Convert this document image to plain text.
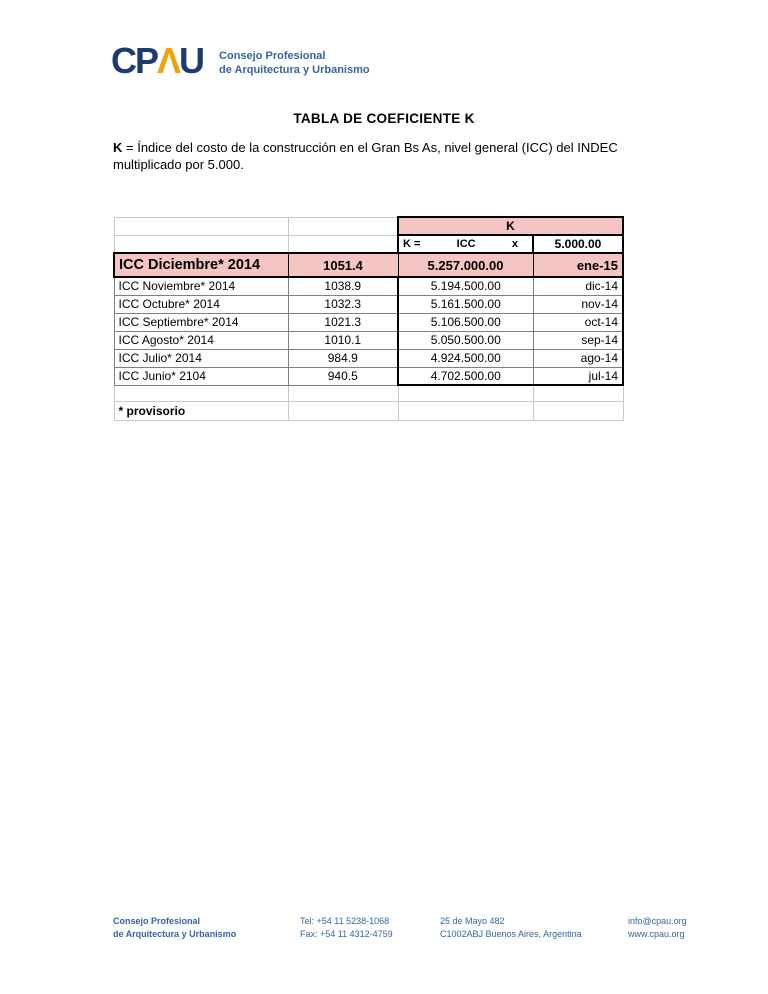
CPΛU Consejo Profesional
de Arquitectura y Urbanismo
TABLA DE COEFICIENTE K

K = Índice del costo de la construcción en el Gran Bs As, nivel general (ICC) del INDEC multiplicado por 5.000.

		K	

		K = ICC x	5.000.00
ICC Diciembre* 2014	1051.4	5.257.000.00	ene-15
ICC Noviembre* 2014	1038.9	5.194.500.00	dic-14
ICC Octubre* 2014	1032.3	5.161.500.00	nov-14
ICC Septiembre* 2014	1021.3	5.106.500.00	oct-14
ICC Agosto* 2014	1010.1	5.050.500.00	sep-14
ICC Julio* 2014	984.9	4.924.500.00	ago-14
ICC Junio* 2104	940.5	4.702.500.00	jul-14

* provisorio			
Consejo Profesional
de Arquitectura y Urbanismo
Tel: +54 11 5238-1068
Fax: +54 11 4312-4759
25 de Mayo 482
C1002ABJ Buenos Aires, Argentina
info@cpau.org
www.cpau.org
